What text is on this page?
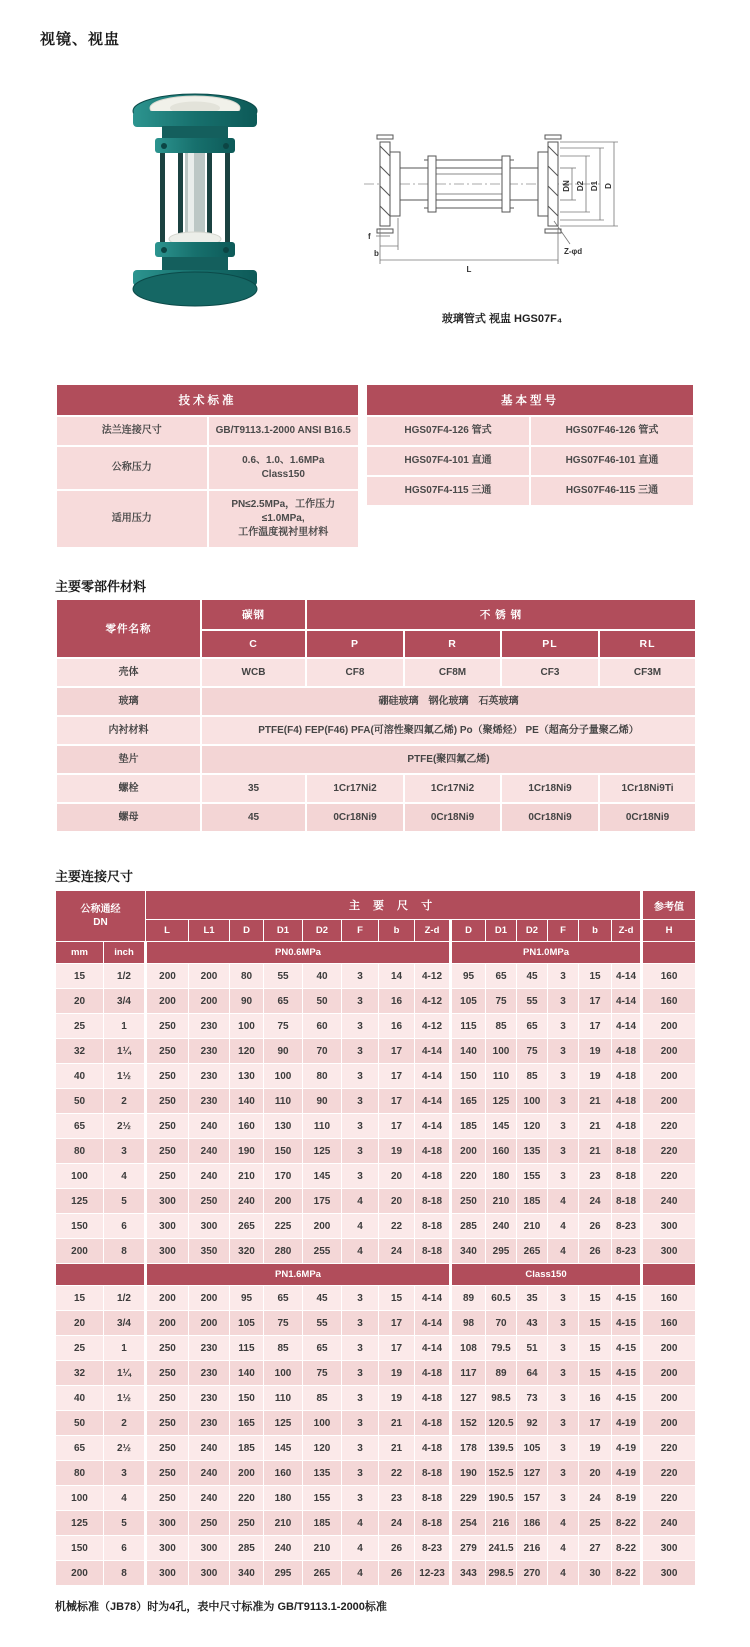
视镜、视盅
DN D2 D1 D
L
b
f
Z-φd
玻璃管式 视盅 HGS07F₄
技术标准	
法兰连接尺寸	GB/T9113.1-2000 ANSI B16.5

公称压力	0.6、1.0、1.6MPa
Class150

适用压力	PN≤2.5MPa，工作压力≤1.0MPa,
工作温度视衬里材料
基本型号	
HGS07F4-126 管式	HGS07F46-126 管式
HGS07F4-101 直通	HGS07F46-101 直通
HGS07F4-115 三通	HGS07F46-115 三通
主要零部件材料
零件名称	碳钢	不 锈 钢			
	C	P	R	PL	RL
壳体	WCB	CF8	CF8M	CF3	CF3M
玻璃	硼硅玻璃　钢化玻璃　石英玻璃				
内衬材料	PTFE(F4) FEP(F46) PFA(可溶性聚四氟乙烯) Po（聚烯烃） PE（超高分子量聚乙烯）				
垫片	PTFE(聚四氟乙烯)				
螺栓	35	1Cr17Ni2	1Cr17Ni2	1Cr18Ni9	1Cr18Ni9Ti
螺母	45	0Cr18Ni9	0Cr18Ni9	0Cr18Ni9	0Cr18Ni9
主要连接尺寸
公称通经
DN		主 要 尺 寸														参考值
		L	L1	D	D1	D2	F	b	Z-d	D	D1	D2	F	b	Z-d	H
mm	inch	PN0.6MPa								PN1.0MPa						
15	1/2	200	200	80	55	40	3	14	4-12	95	65	45	3	15	4-14	160
20	3/4	200	200	90	65	50	3	16	4-12	105	75	55	3	17	4-14	160
25	1	250	230	100	75	60	3	16	4-12	115	85	65	3	17	4-14	200
32	1¼	250	230	120	90	70	3	17	4-14	140	100	75	3	19	4-18	200
40	1½	250	230	130	100	80	3	17	4-14	150	110	85	3	19	4-18	200
50	2	250	230	140	110	90	3	17	4-14	165	125	100	3	21	4-18	200
65	2½	250	240	160	130	110	3	17	4-14	185	145	120	3	21	4-18	220
80	3	250	240	190	150	125	3	19	4-18	200	160	135	3	21	8-18	220
100	4	250	240	210	170	145	3	20	4-18	220	180	155	3	23	8-18	220
125	5	300	250	240	200	175	4	20	8-18	250	210	185	4	24	8-18	240
150	6	300	300	265	225	200	4	22	8-18	285	240	210	4	26	8-23	300
200	8	300	350	320	280	255	4	24	8-18	340	295	265	4	26	8-23	300
		PN1.6MPa								Class150						
15	1/2	200	200	95	65	45	3	15	4-14	89	60.5	35	3	15	4-15	160
20	3/4	200	200	105	75	55	3	17	4-14	98	70	43	3	15	4-15	160
25	1	250	230	115	85	65	3	17	4-14	108	79.5	51	3	15	4-15	200
32	1¼	250	230	140	100	75	3	19	4-18	117	89	64	3	15	4-15	200
40	1½	250	230	150	110	85	3	19	4-18	127	98.5	73	3	16	4-15	200
50	2	250	230	165	125	100	3	21	4-18	152	120.5	92	3	17	4-19	200
65	2½	250	240	185	145	120	3	21	4-18	178	139.5	105	3	19	4-19	220
80	3	250	240	200	160	135	3	22	8-18	190	152.5	127	3	20	4-19	220
100	4	250	240	220	180	155	3	23	8-18	229	190.5	157	3	24	8-19	220
125	5	300	250	250	210	185	4	24	8-18	254	216	186	4	25	8-22	240
150	6	300	300	285	240	210	4	26	8-23	279	241.5	216	4	27	8-22	300
200	8	300	300	340	295	265	4	26	12-23	343	298.5	270	4	30	8-22	300
机械标准（JB78）时为4孔，表中尺寸标准为 GB/T9113.1-2000标准
